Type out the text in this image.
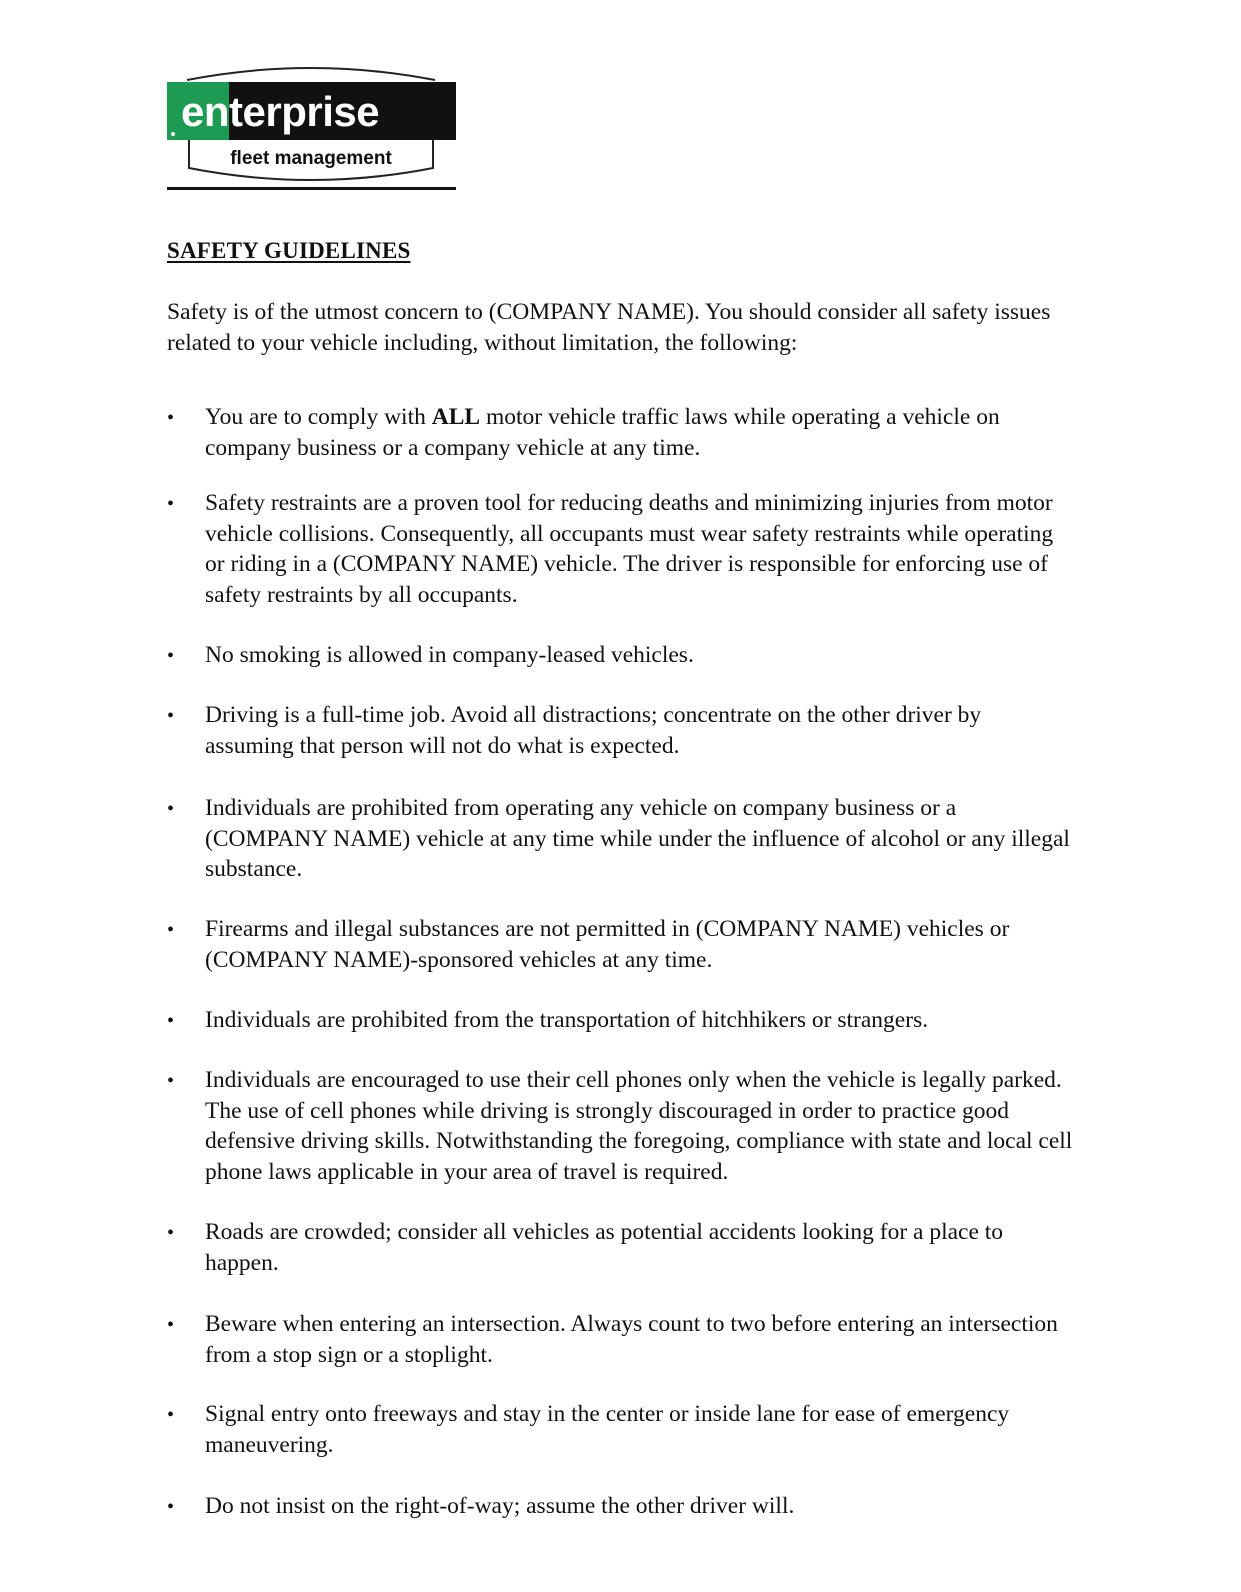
enterprise
fleet management
SAFETY GUIDELINES
Safety is of the utmost concern to (COMPANY NAME). You should consider all safety issues related to your vehicle including, without limitation, the following:
• You are to comply with ALL motor vehicle traffic laws while operating a vehicle on company business or a company vehicle at any time.
• Safety restraints are a proven tool for reducing deaths and minimizing injuries from motor vehicle collisions. Consequently, all occupants must wear safety restraints while operating or riding in a (COMPANY NAME) vehicle. The driver is responsible for enforcing use of safety restraints by all occupants.
• No smoking is allowed in company-leased vehicles.
• Driving is a full-time job. Avoid all distractions; concentrate on the other driver by assuming that person will not do what is expected.
• Individuals are prohibited from operating any vehicle on company business or a (COMPANY NAME) vehicle at any time while under the influence of alcohol or any illegal substance.
• Firearms and illegal substances are not permitted in (COMPANY NAME) vehicles or (COMPANY NAME)-sponsored vehicles at any time.
• Individuals are prohibited from the transportation of hitchhikers or strangers.
• Individuals are encouraged to use their cell phones only when the vehicle is legally parked. The use of cell phones while driving is strongly discouraged in order to practice good defensive driving skills. Notwithstanding the foregoing, compliance with state and local cell phone laws applicable in your area of travel is required.
• Roads are crowded; consider all vehicles as potential accidents looking for a place to happen.
• Beware when entering an intersection. Always count to two before entering an intersection from a stop sign or a stoplight.
• Signal entry onto freeways and stay in the center or inside lane for ease of emergency maneuvering.
• Do not insist on the right-of-way; assume the other driver will.
